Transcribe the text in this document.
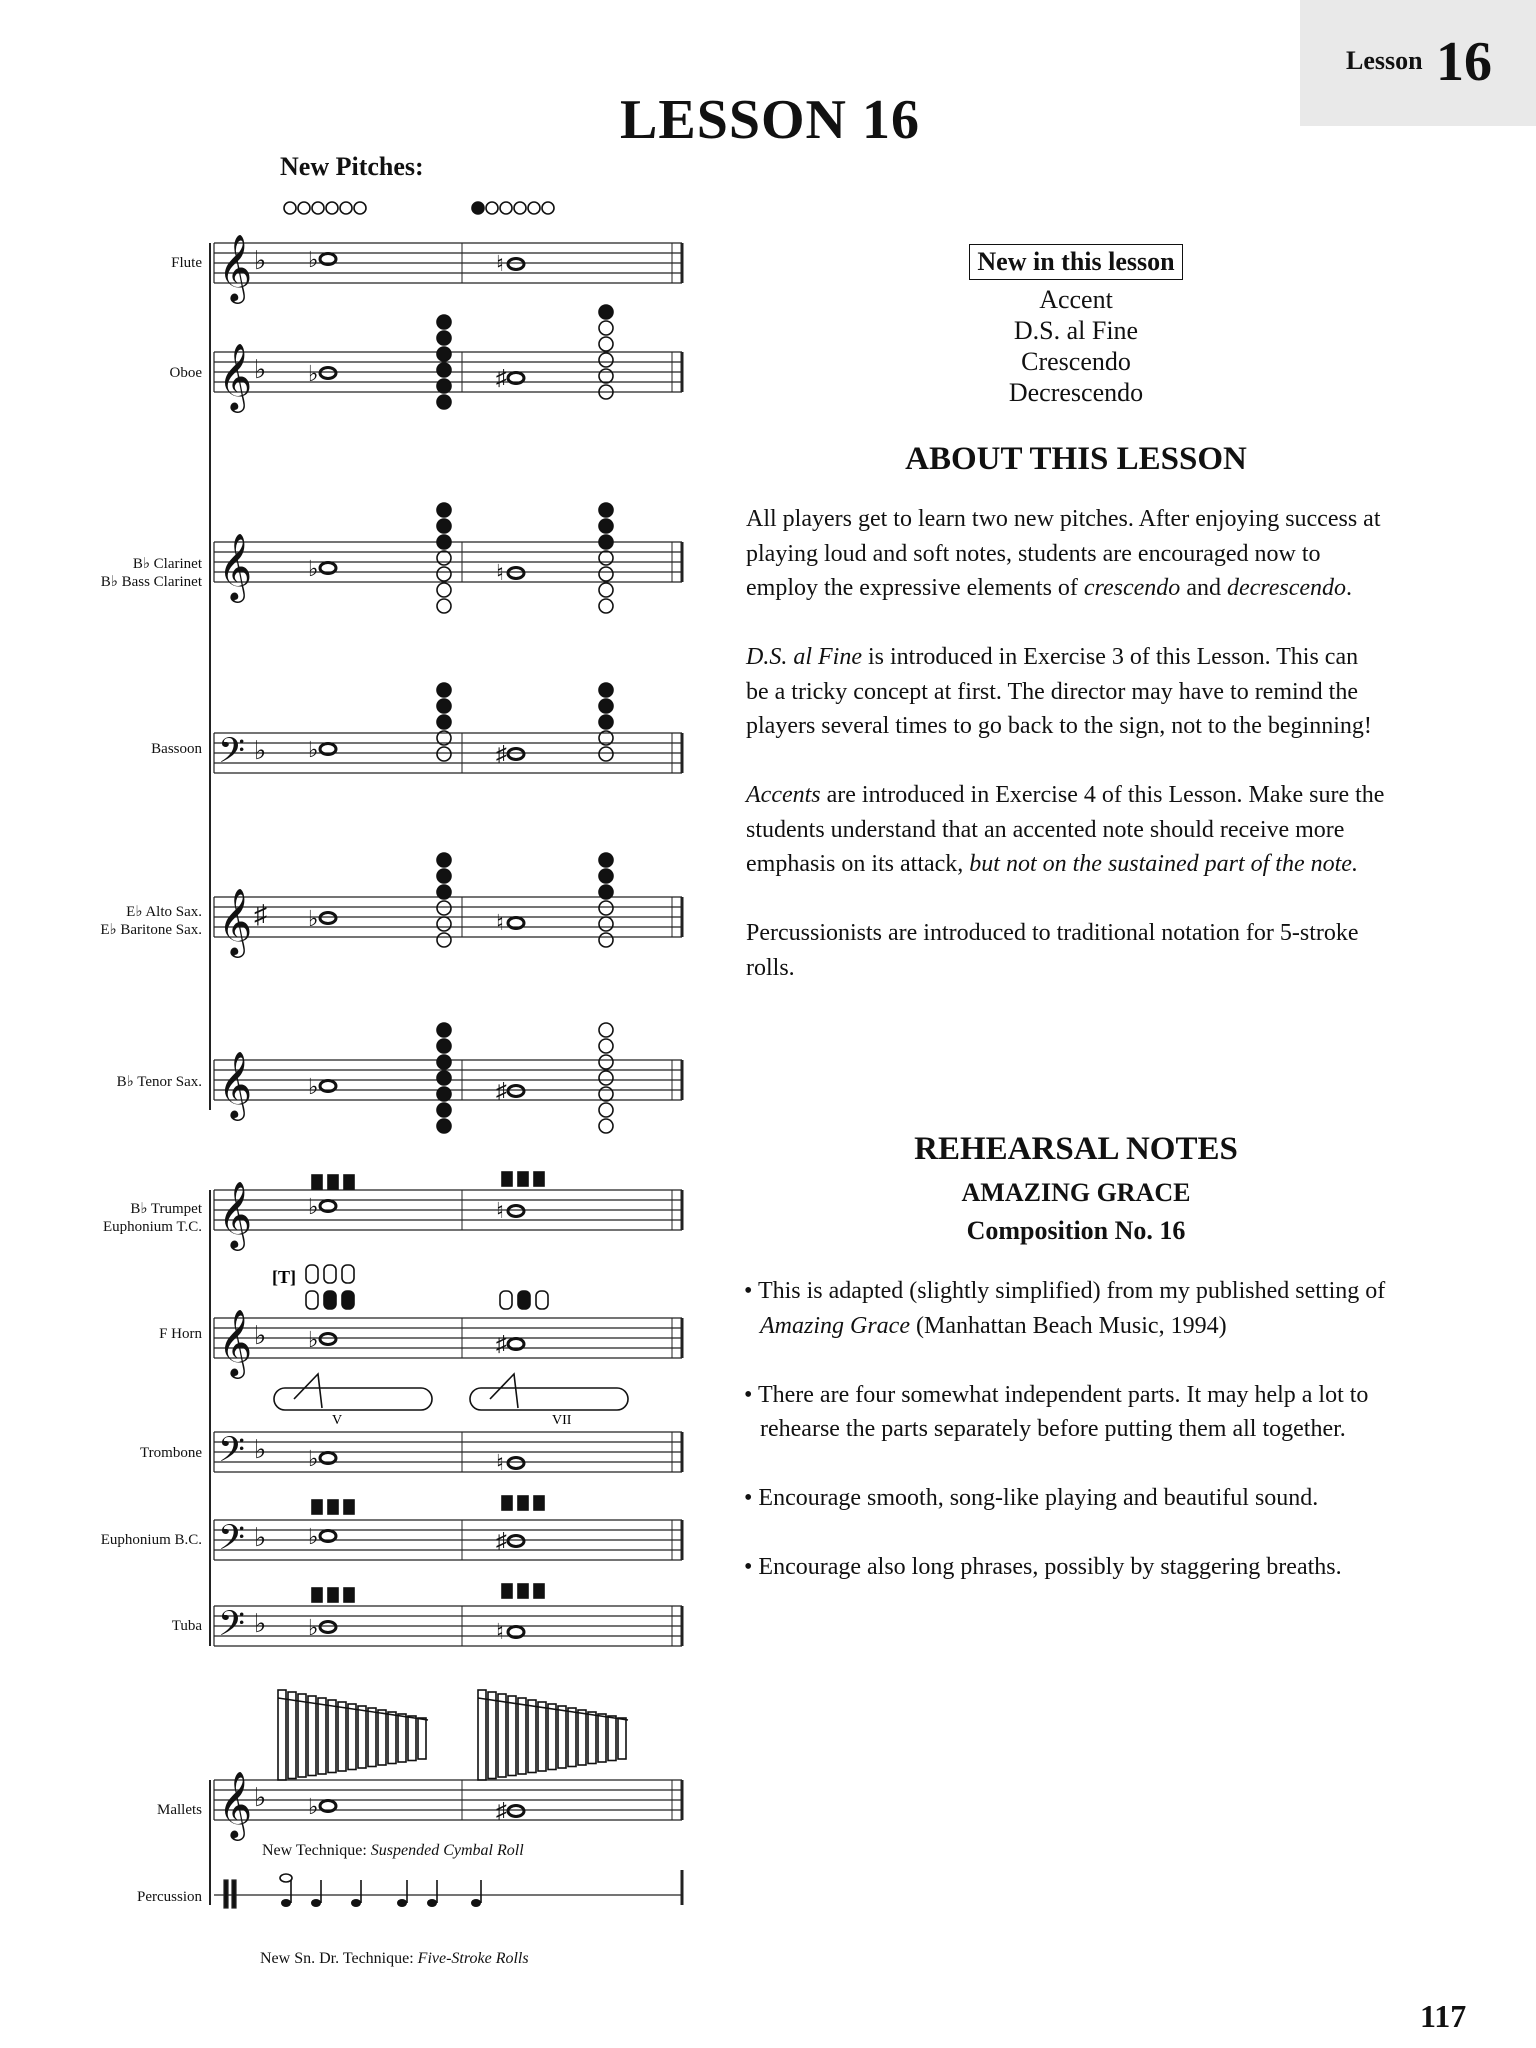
Lesson 16
LESSON 16
New Pitches:
Flute
Oboe
B♭ Clarinet
B♭ Bass Clarinet
Bassoon
E♭ Alto Sax.
E♭ Baritone Sax.
B♭ Tenor Sax.
B♭ Trumpet
Euphonium T.C.
F Horn
Trombone
Euphonium B.C.
Tuba
Mallets
Percussion
𝄞 ♭
𝄞 ♭
𝄞
𝄢 ♭
𝄞 ♯
𝄞
𝄞
𝄞 ♭
𝄢 ♭
𝄢 ♭
𝄢 ♭
𝄞 ♭
♭	♮
♭	♯
♭	♮
♭	♯
♭	♮
♭	♯
♭	♮
♭	♯
♭	♮
♭	♯
♭	♮
♭	♯
[T]
V	VII
New Technique: Suspended Cymbal Roll
New Sn. Dr. Technique: Five-Stroke Rolls
New in this lesson
Accent
D.S. al Fine
Crescendo
Decrescendo
ABOUT THIS LESSON

All players get to learn two new pitches. After enjoying success at playing loud and soft notes, students are encouraged now to employ the expressive elements of crescendo and decrescendo.

D.S. al Fine is introduced in Exercise 3 of this Lesson. This can be a tricky concept at first. The director may have to remind the players several times to go back to the sign, not to the beginning!

Accents are introduced in Exercise 4 of this Lesson. Make sure the students understand that an accented note should receive more emphasis on its attack, but not on the sustained part of the note.

Percussionists are introduced to traditional notation for 5-stroke rolls.

REHEARSAL NOTES
AMAZING GRACE
Composition No. 16

• This is adapted (slightly simplified) from my published setting of Amazing Grace (Manhattan Beach Music, 1994)

• There are four somewhat independent parts. It may help a lot to rehearse the parts separately before putting them all together.

• Encourage smooth, song-like playing and beautiful sound.

• Encourage also long phrases, possibly by staggering breaths.

117
